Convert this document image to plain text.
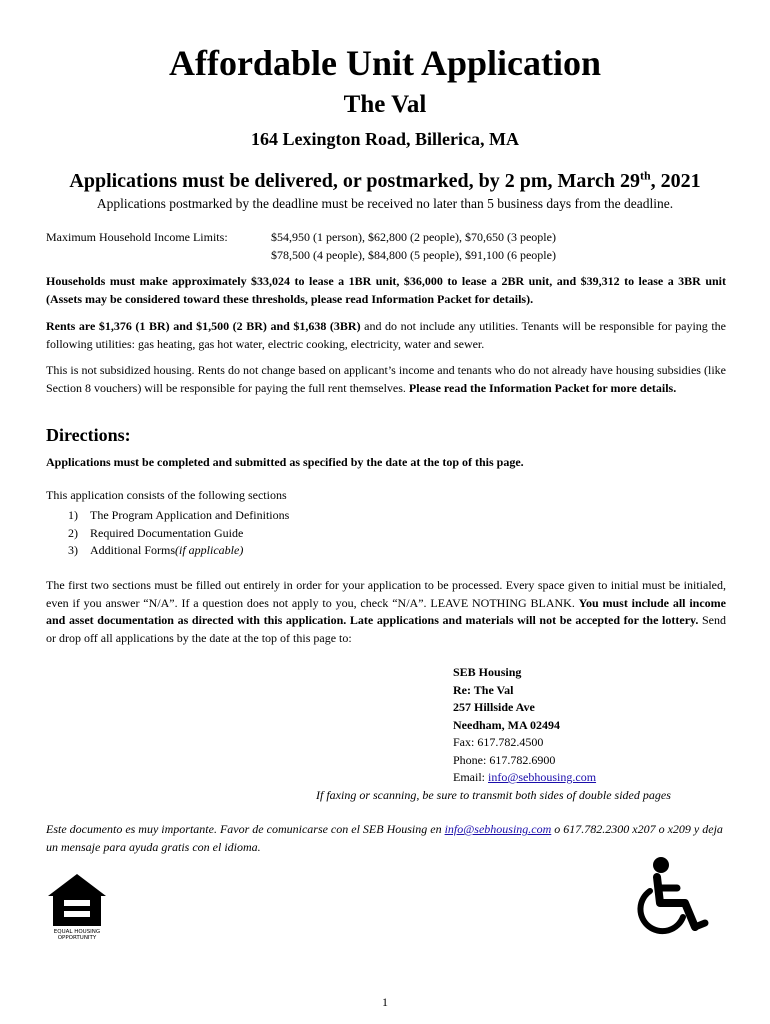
Affordable Unit Application
The Val
164 Lexington Road, Billerica, MA
Applications must be delivered, or postmarked, by 2 pm, March 29th, 2021
Applications postmarked by the deadline must be received no later than 5 business days from the deadline.
Maximum Household Income Limits:	$54,950 (1 person), $62,800 (2 people), $70,650 (3 people)
$78,500 (4 people), $84,800 (5 people), $91,100 (6 people)
Households must make approximately $33,024 to lease a 1BR unit, $36,000 to lease a 2BR unit, and $39,312 to lease a 3BR unit (Assets may be considered toward these thresholds, please read Information Packet for details).
Rents are $1,376 (1 BR) and $1,500 (2 BR) and $1,638 (3BR) and do not include any utilities. Tenants will be responsible for paying the following utilities: gas heating, gas hot water, electric cooking, electricity, water and sewer.
This is not subsidized housing. Rents do not change based on applicant’s income and tenants who do not already have housing subsidies (like Section 8 vouchers) will be responsible for paying the full rent themselves. Please read the Information Packet for more details.
Directions:
Applications must be completed and submitted as specified by the date at the top of this page.
This application consists of the following sections
1)	The Program Application and Definitions
2)	Required Documentation Guide
3)	Additional Forms (if applicable)
The first two sections must be filled out entirely in order for your application to be processed. Every space given to initial must be initialed, even if you answer “N/A”. If a question does not apply to you, check “N/A”. LEAVE NOTHING BLANK. You must include all income and asset documentation as directed with this application. Late applications and materials will not be accepted for the lottery. Send or drop off all applications by the date at the top of this page to:
SEB Housing
Re: The Val
257 Hillside Ave
Needham, MA 02494
Fax: 617.782.4500
Phone: 617.782.6900
Email: info@sebhousing.com
If faxing or scanning, be sure to transmit both sides of double sided pages
Este documento es muy importante. Favor de comunicarse con el SEB Housing en info@sebhousing.com o 617.782.2300 x207 o x209 y deja un mensaje para ayuda gratis con el idioma.
EQUAL HOUSING
OPPORTUNITY
1
